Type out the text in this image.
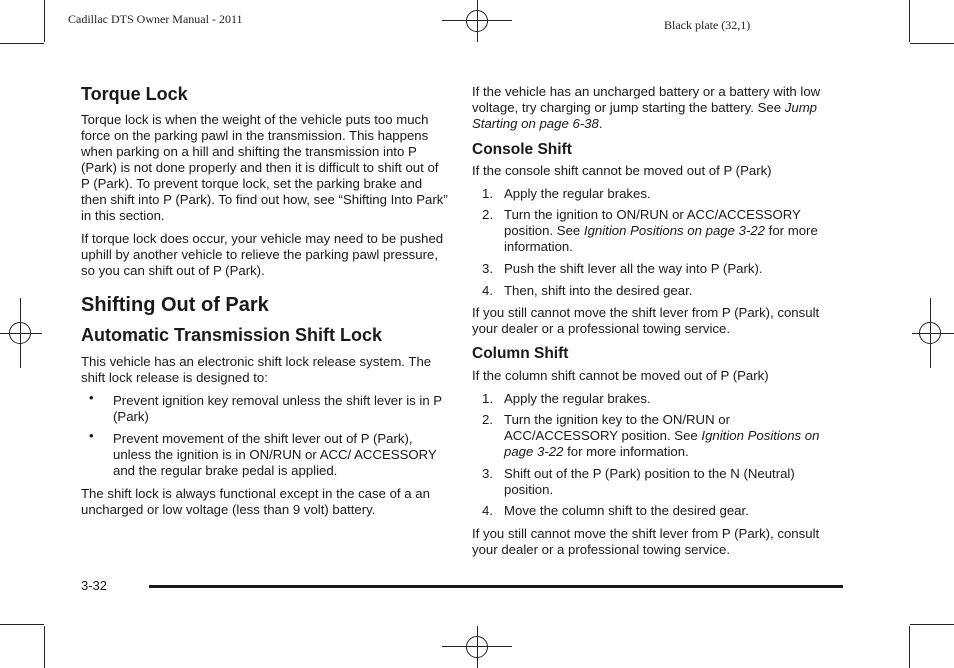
Cadillac DTS Owner Manual - 2011	Black plate (32,1)
Torque Lock

Torque lock is when the weight of the vehicle puts too much force on the parking pawl in the transmission. This happens when parking on a hill and shifting the transmission into P (Park) is not done properly and then it is difficult to shift out of P (Park). To prevent torque lock, set the parking brake and then shift into P (Park). To find out how, see “Shifting Into Park” in this section.

If torque lock does occur, your vehicle may need to be pushed uphill by another vehicle to relieve the parking pawl pressure, so you can shift out of P (Park).

Shifting Out of Park
Automatic Transmission Shift Lock

This vehicle has an electronic shift lock release system. The shift lock release is designed to:

• Prevent ignition key removal unless the shift lever is in P (Park)
• Prevent movement of the shift lever out of P (Park), unless the ignition is in ON/RUN or ACC/ ACCESSORY and the regular brake pedal is applied.

The shift lock is always functional except in the case of a an uncharged or low voltage (less than 9 volt) battery.

If the vehicle has an uncharged battery or a battery with low voltage, try charging or jump starting the battery. See Jump Starting on page 6-38.

Console Shift

If the console shift cannot be moved out of P (Park)

1. Apply the regular brakes.
2. Turn the ignition to ON/RUN or ACC/ACCESSORY position. See Ignition Positions on page 3-22 for more information.
3. Push the shift lever all the way into P (Park).
4. Then, shift into the desired gear.

If you still cannot move the shift lever from P (Park), consult your dealer or a professional towing service.

Column Shift

If the column shift cannot be moved out of P (Park)

1. Apply the regular brakes.
2. Turn the ignition key to the ON/RUN or ACC/ACCESSORY position. See Ignition Positions on page 3-22 for more information.
3. Shift out of the P (Park) position to the N (Neutral) position.
4. Move the column shift to the desired gear.

If you still cannot move the shift lever from P (Park), consult your dealer or a professional towing service.

3-32
